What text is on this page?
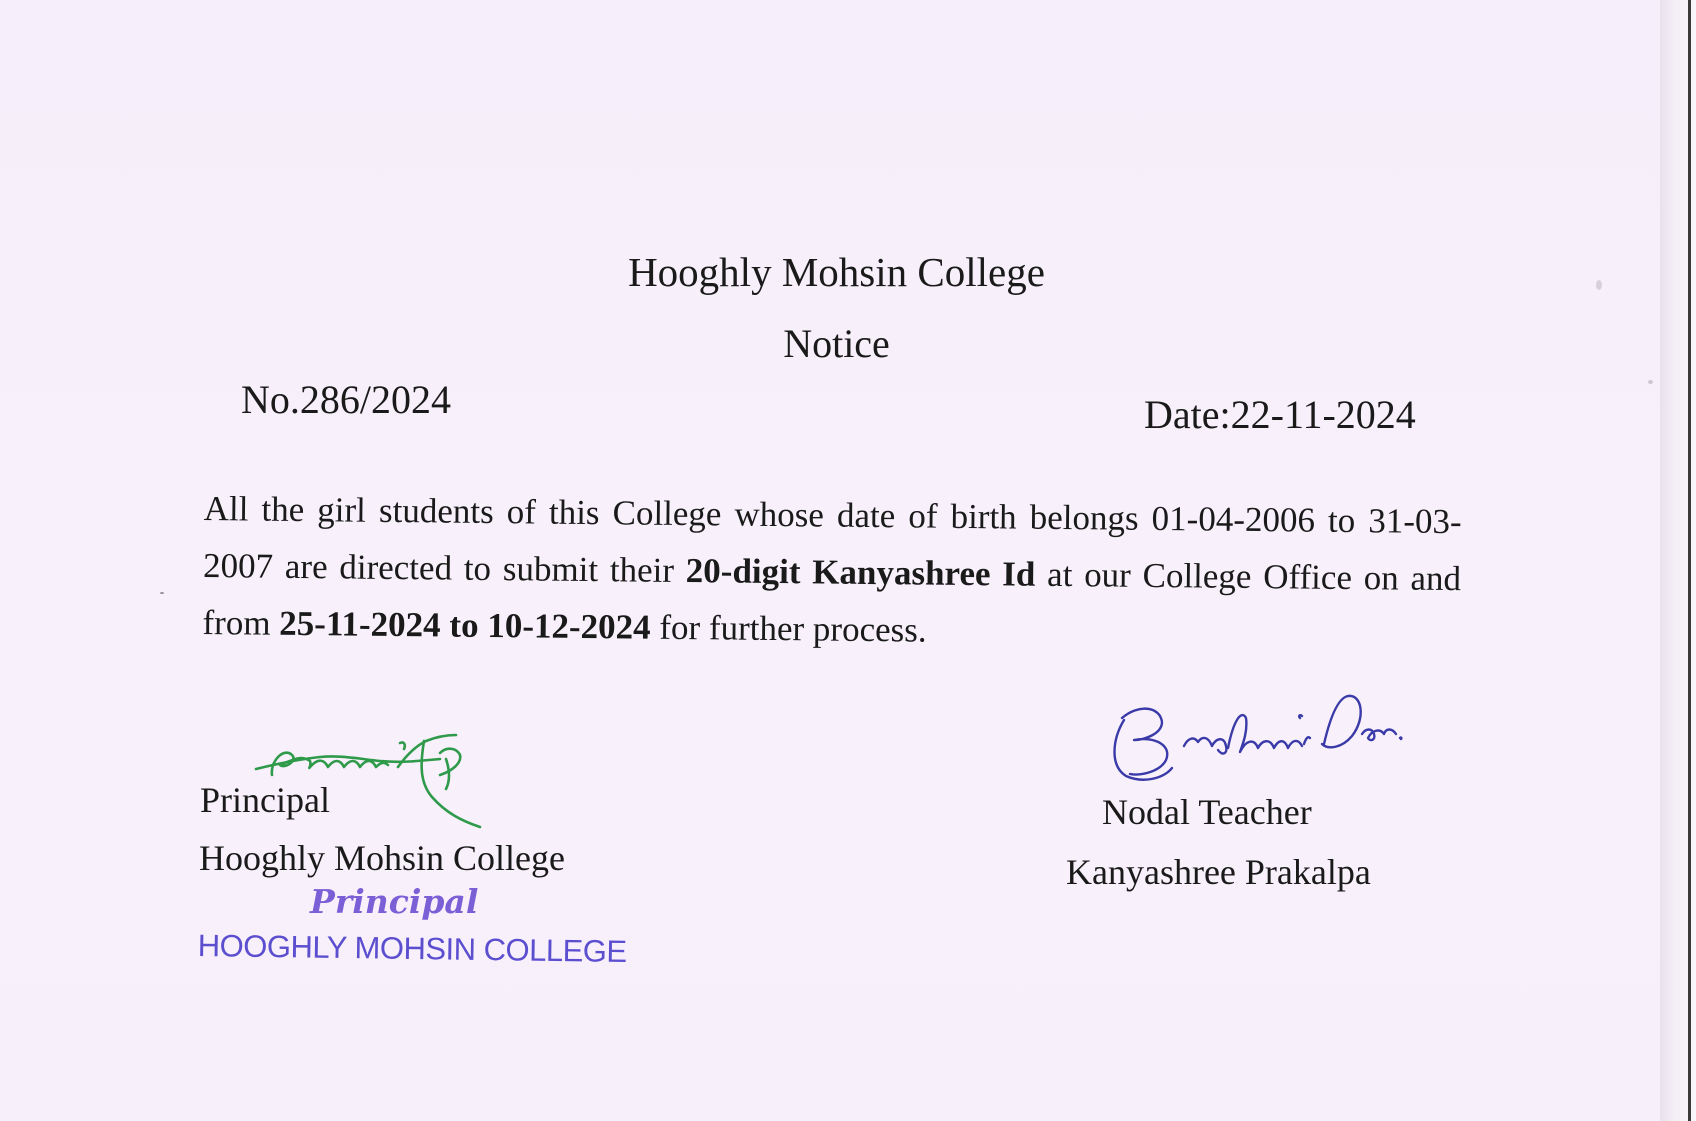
Hooghly Mohsin College
Notice
No.286/2024	Date:22-11-2024
All the girl students of this College whose date of birth belongs 01-04-2006 to 31-03-2007 are directed to submit their 20-digit Kanyashree Id at our College Office on and from 25-11-2024 to 10-12-2024 for further process.
Principal
Hooghly Mohsin College
Principal
HOOGHLY MOHSIN COLLEGE
Nodal Teacher
Kanyashree Prakalpa
